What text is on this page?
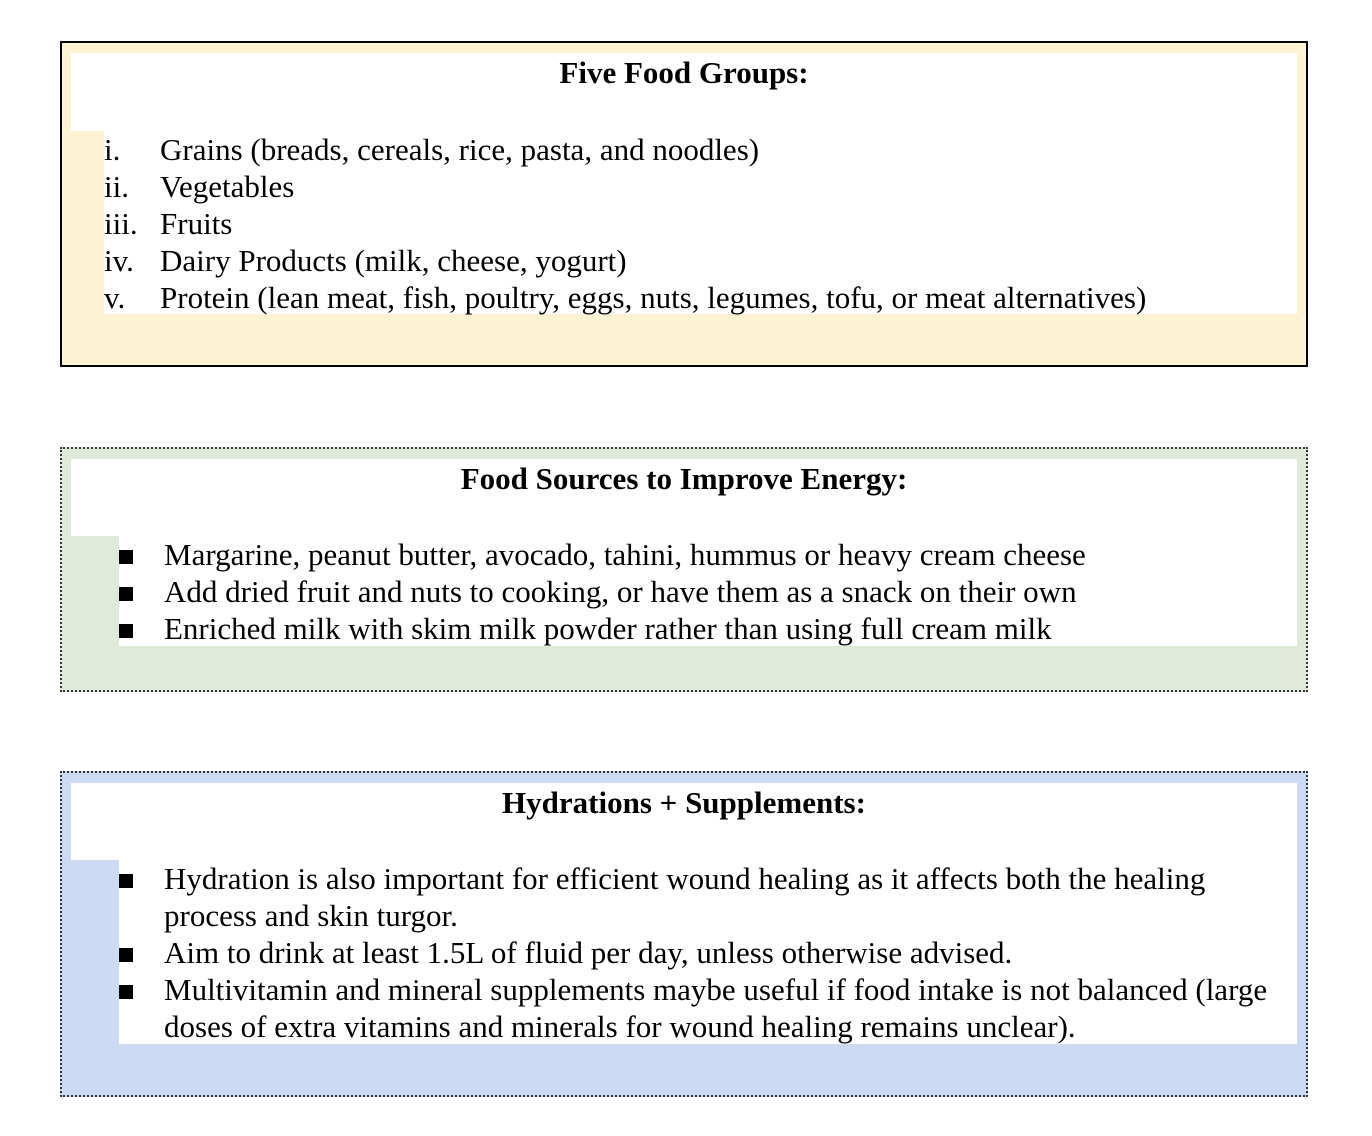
Five Food Groups:
i. Grains (breads, cereals, rice, pasta, and noodles)
ii. Vegetables
iii. Fruits
iv. Dairy Products (milk, cheese, yogurt)
v. Protein (lean meat, fish, poultry, eggs, nuts, legumes, tofu, or meat alternatives)
Food Sources to Improve Energy:
Margarine, peanut butter, avocado, tahini, hummus or heavy cream cheese
Add dried fruit and nuts to cooking, or have them as a snack on their own
Enriched milk with skim milk powder rather than using full cream milk
Hydrations + Supplements:
Hydration is also important for efficient wound healing as it affects both the healing process and skin turgor.
Aim to drink at least 1.5L of fluid per day, unless otherwise advised.
Multivitamin and mineral supplements maybe useful if food intake is not balanced (large doses of extra vitamins and minerals for wound healing remains unclear).
